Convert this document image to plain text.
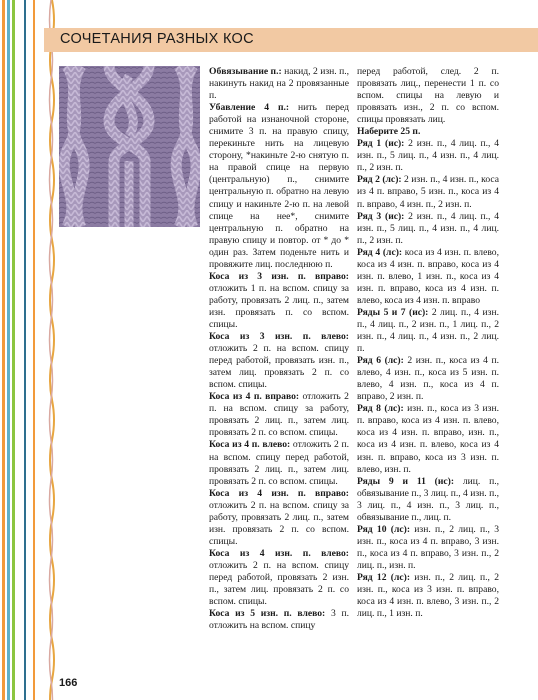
СОЧЕТАНИЯ РАЗНЫХ КОС

Обвязывание п.: накид, 2 изн. п., накинуть накид на 2 провязанные п.

Убавление 4 п.: нить перед работой на изнаночной стороне, снимите 3 п. на правую спицу, перекиньте нить на лицевую сторону, *накиньте 2-ю снятую п. на правой спице на первую (центральную) п., снимите центральную п. обратно на левую спицу и накиньте 2-ю п. на левой спице на нее*, снимите центральную п. обратно на правую спицу и повтор. от * до * один раз. Затем поденьте нить и провяжите лиц. последнюю п.

Коса из 3 изн. п. вправо: отложить 1 п. на вспом. спицу за работу, провязать 2 лиц. п., затем изн. провязать п. со вспом. спицы.

Коса из 3 изн. п. влево: отложить 2 п. на вспом. спицу перед работой, провязать изн. п., затем лиц. провязать 2 п. со вспом. спицы.

Коса из 4 п. вправо: отложить 2 п. на вспом. спицу за работу, провязать 2 лиц. п., затем лиц. провязать 2 п. со вспом. спицы.

Коса из 4 п. влево: отложить 2 п. на вспом. спицу перед работой, провязать 2 лиц. п., затем лиц. провязать 2 п. со вспом. спицы.

Коса из 4 изн. п. вправо: отложить 2 п. на вспом. спицу за работу, провязать 2 лиц. п., затем изн. провязать 2 п. со вспом. спицы.

Коса из 4 изн. п. влево: отложить 2 п. на вспом. спицу перед работой, провязать 2 изн. п., затем лиц. провязать 2 п. со вспом. спицы.

Коса из 5 изн. п. влево: 3 п. отложить на вспом. спицу

перед работой, след. 2 п. провязать лиц., перенести 1 п. со вспом. спицы на левую и провязать изн., 2 п. со вспом. спицы провязать лиц.

Наберите 25 п.

Ряд 1 (ис): 2 изн. п., 4 лиц. п., 4 изн. п., 5 лиц. п., 4 изн. п., 4 лиц. п., 2 изн. п.

Ряд 2 (лс): 2 изн. п., 4 изн. п., коса из 4 п. вправо, 5 изн. п., коса из 4 п. вправо, 4 изн. п., 2 изн. п.

Ряд 3 (ис): 2 изн. п., 4 лиц. п., 4 изн. п., 5 лиц. п., 4 изн. п., 4 лиц. п., 2 изн. п.

Ряд 4 (лс): коса из 4 изн. п. влево, коса из 4 изн. п. вправо, коса из 4 изн. п. влево, 1 изн. п., коса из 4 изн. п. вправо, коса из 4 изн. п. влево, коса из 4 изн. п. вправо

Ряды 5 и 7 (ис): 2 лиц. п., 4 изн. п., 4 лиц. п., 2 изн. п., 1 лиц. п., 2 изн. п., 4 лиц. п., 4 изн. п., 2 лиц. п.

Ряд 6 (лс): 2 изн. п., коса из 4 п. влево, 4 изн. п., коса из 5 изн. п. влево, 4 изн. п., коса из 4 п. вправо, 2 изн. п.

Ряд 8 (лс): изн. п., коса из 3 изн. п. вправо, коса из 4 изн. п. влево, коса из 4 изн. п. вправо, изн. п., коса из 4 изн. п. влево, коса из 4 изн. п. вправо, коса из 3 изн. п. влево, изн. п.

Ряды 9 и 11 (ис): лиц. п., обвязывание п., 3 лиц. п., 4 изн. п., 3 лиц. п., 4 изн. п., 3 лиц. п., обвязывание п., лиц. п.

Ряд 10 (лс): изн. п., 2 лиц. п., 3 изн. п., коса из 4 п. вправо, 3 изн. п., коса из 4 п. вправо, 3 изн. п., 2 лиц. п., изн. п.

Ряд 12 (лс): изн. п., 2 лиц. п., 2 изн. п., коса из 3 изн. п. вправо, коса из 4 изн. п. влево, 3 изн. п., 2 лиц. п., 1 изн. п.

166
